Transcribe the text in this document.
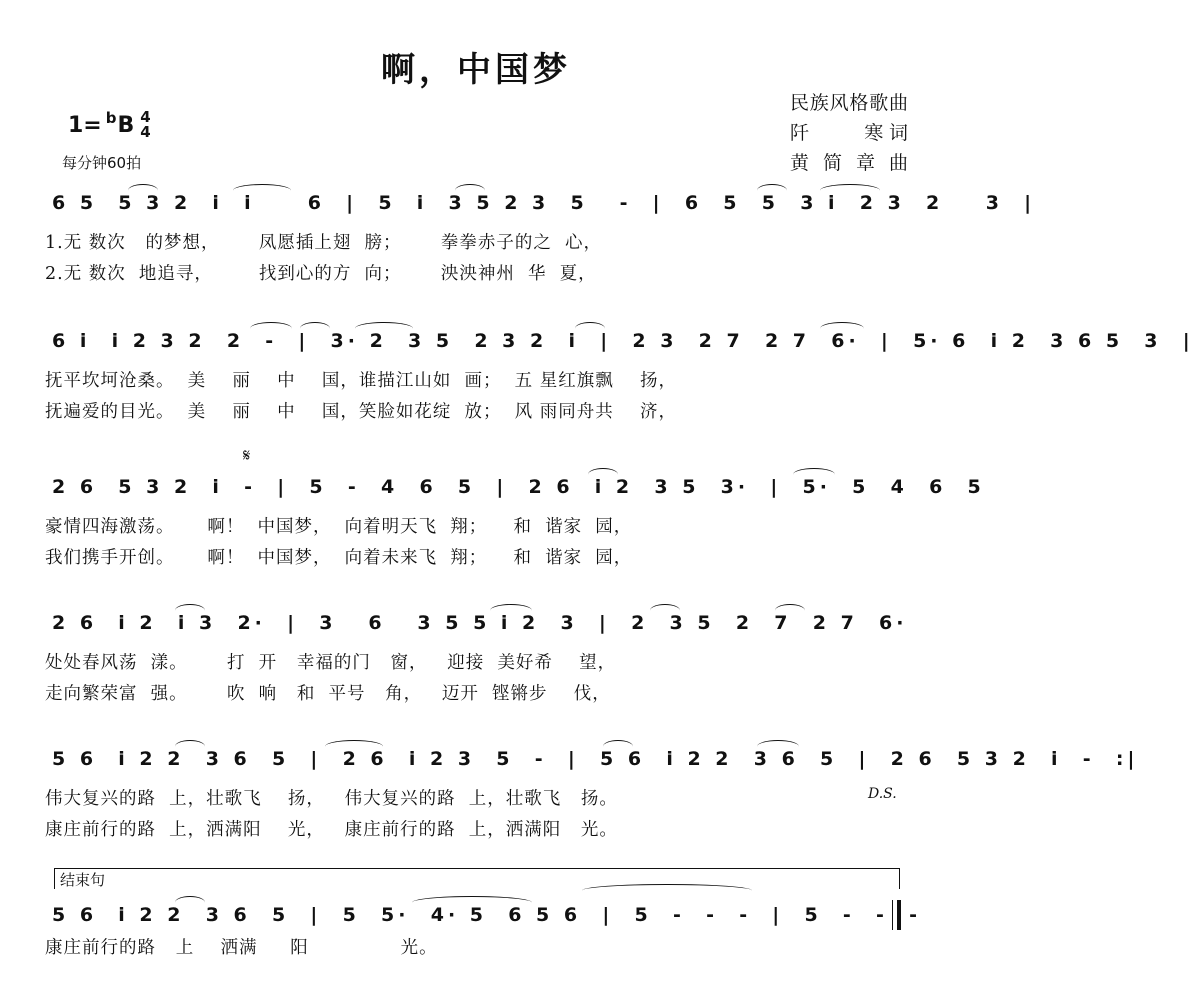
啊，中国梦
民族风格歌曲
阡　　寒词
黄简章曲
1= b B 4
4
每分钟60拍
6 5  5 3 2  i  i     6  |  5  i  3 5 2 3  5   -  |  6  5  5  3 i  2 3  2    3  |
1.无 数次   的梦想，      凤愿插上翅  膀；      拳拳赤子的之  心，
2.无 数次  地追寻，       找到心的方  向；      泱泱神州  华  夏，
6 i  i 2 3 2  2  -  |  3· 2  3 5  2 3 2  i  |  2 3  2 7  2 7  6·  |  5· 6  i 2  3 6 5  3  |
抚平坎坷沧桑。  美    丽    中    国，谁描江山如  画；  五 星红旗飘    扬，
抚遍爱的目光。  美    丽    中    国，笑脸如花绽  放；  风 雨同舟共    济，
𝄋
2 6  5 3 2  i  -  |  5  -  4  6  5  |  2 6  i 2  3 5  3·  |  5·  5  4  6  5
豪情四海激荡。     啊！  中国梦，  向着明天飞  翔；    和  谐家  园，
我们携手开创。     啊！  中国梦，  向着未来飞  翔；    和  谐家  园，
2 6  i 2  i 3  2·  |  3   6   3 5 5 i 2  3  |  2  3 5  2  7  2 7  6·
处处春风荡  漾。      打  开   幸福的门   窗，   迎接  美好希    望，
走向繁荣富  强。      吹  响   和  平号   角，   迈开  铿锵步    伐，
5 6  i 2 2  3 6  5  |  2 6  i 2 3  5  -  |  5 6  i 2 2  3 6  5  |  2 6  5 3 2  i  -  :|
伟大复兴的路  上，壮歌飞    扬，   伟大复兴的路  上，壮歌飞   扬。
康庄前行的路  上，洒满阳    光，   康庄前行的路  上，洒满阳   光。
D.S.
结束句
5 6  i 2 2  3 6  5  |  5  5·  4· 5  6 5 6  |  5  -  -  -  |  5  -  -  -
康庄前行的路   上    洒满     阳              光。
